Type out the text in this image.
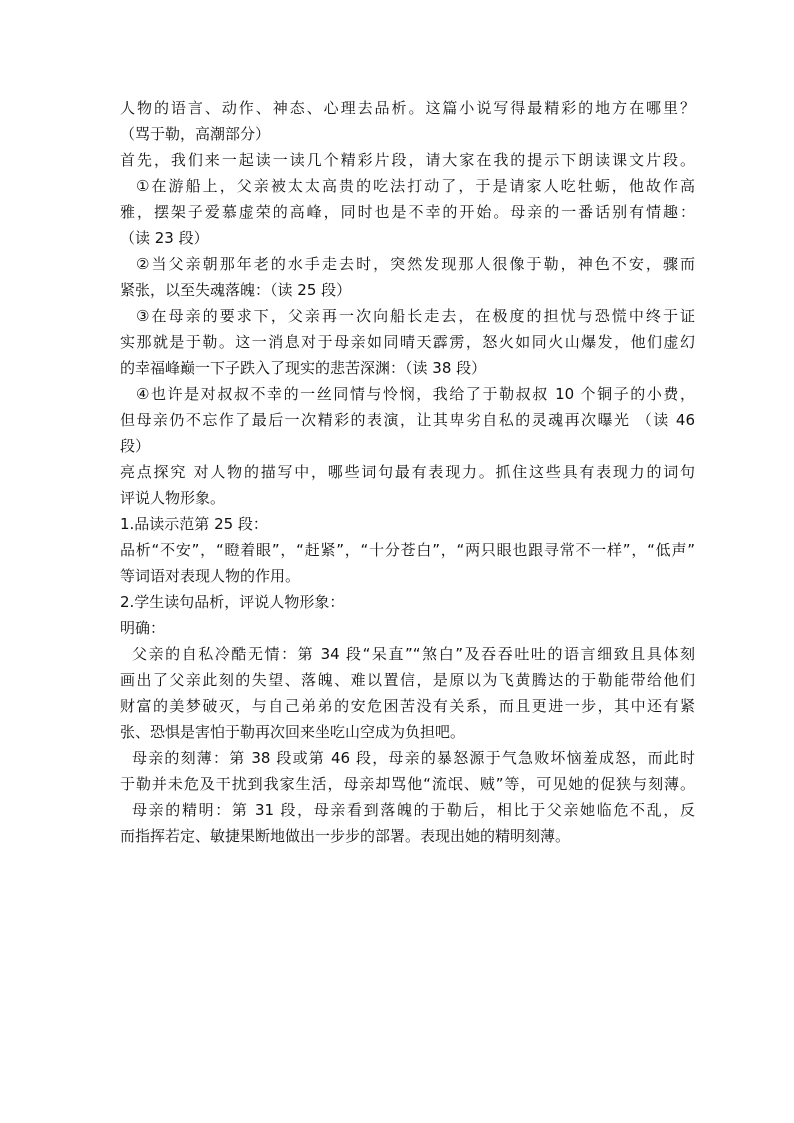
人物的语言、动作、神态、心理去品析。这篇小说写得最精彩的地方在哪里？
（骂于勒，高潮部分）
首先，我们来一起读一读几个精彩片段，请大家在我的提示下朗读课文片段。
①在游船上，父亲被太太高贵的吃法打动了，于是请家人吃牡蛎，他故作高
雅，摆架子爱慕虚荣的高峰，同时也是不幸的开始。母亲的一番话别有情趣：
（读 23 段）
②当父亲朝那年老的水手走去时，突然发现那人很像于勒，神色不安，骤而
紧张，以至失魂落魄：（读 25 段）
③在母亲的要求下，父亲再一次向船长走去，在极度的担忧与恐慌中终于证
实那就是于勒。这一消息对于母亲如同晴天霹雳，怒火如同火山爆发，他们虚幻
的幸福峰巅一下子跌入了现实的悲苦深渊：（读 38 段）
④也许是对叔叔不幸的一丝同情与怜悯，我给了于勒叔叔 10 个铜子的小费，
但母亲仍不忘作了最后一次精彩的表演，让其卑劣自私的灵魂再次曝光 （读 46
段）
亮点探究 对人物的描写中，哪些词句最有表现力。抓住这些具有表现力的词句
评说人物形象。
1.品读示范第 25 段：
品析“不安”，“瞪着眼”，“赶紧”，“十分苍白”，“两只眼也跟寻常不一样”，“低声”
等词语对表现人物的作用。
2.学生读句品析，评说人物形象：
明确：
父亲的自私冷酷无情：第 34 段“呆直”“煞白”及吞吞吐吐的语言细致且具体刻
画出了父亲此刻的失望、落魄、难以置信，是原以为飞黄腾达的于勒能带给他们
财富的美梦破灭，与自己弟弟的安危困苦没有关系，而且更进一步，其中还有紧
张、恐惧是害怕于勒再次回来坐吃山空成为负担吧。
母亲的刻薄：第 38 段或第 46 段，母亲的暴怒源于气急败坏恼羞成怒，而此时
于勒并未危及干扰到我家生活，母亲却骂他“流氓、贼”等，可见她的促狭与刻薄。
母亲的精明：第 31 段，母亲看到落魄的于勒后，相比于父亲她临危不乱，反
而指挥若定、敏捷果断地做出一步步的部署。表现出她的精明刻薄。
